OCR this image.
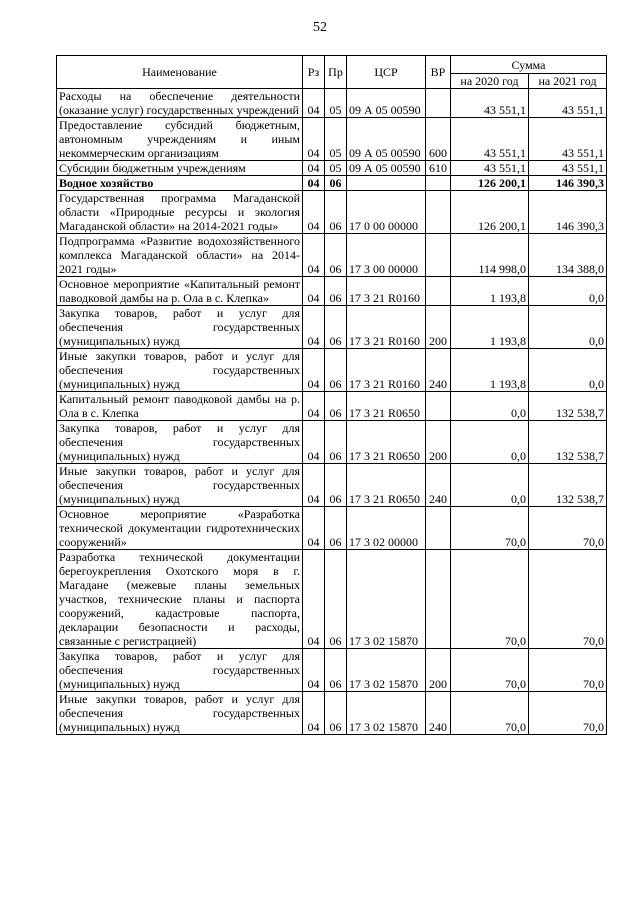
52
Наименование	Рз	Пр	ЦСР	ВР	Сумма	
					на 2020 год	на 2021 год
Расходы на обеспечение деятельности (оказание услуг) государственных учреждений	04	05	09 А 05 00590		43 551,1	43 551,1
Предоставление субсидий бюджетным, автономным учреждениям и иным некоммерческим организациям	04	05	09 А 05 00590	600	43 551,1	43 551,1
Субсидии бюджетным учреждениям	04	05	09 А 05 00590	610	43 551,1	43 551,1
Водное хозяйство	04	06			126 200,1	146 390,3
Государственная программа Магаданской области «Природные ресурсы и экология Магаданской области» на 2014-2021 годы»	04	06	17 0 00 00000		126 200,1	146 390,3
Подпрограмма «Развитие водохозяйственного комплекса Магаданской области» на 2014-2021 годы»	04	06	17 3 00 00000		114 998,0	134 388,0
Основное мероприятие «Капитальный ремонт паводковой дамбы на р. Ола в с. Клепка»	04	06	17 3 21 R0160		1 193,8	0,0
Закупка товаров, работ и услуг для обеспечения государственных (муниципальных) нужд	04	06	17 3 21 R0160	200	1 193,8	0,0
Иные закупки товаров, работ и услуг для обеспечения государственных (муниципальных) нужд	04	06	17 3 21 R0160	240	1 193,8	0,0
Капитальный ремонт паводковой дамбы на р. Ола в с. Клепка	04	06	17 3 21 R0650		0,0	132 538,7
Закупка товаров, работ и услуг для обеспечения государственных (муниципальных) нужд	04	06	17 3 21 R0650	200	0,0	132 538,7
Иные закупки товаров, работ и услуг для обеспечения государственных (муниципальных) нужд	04	06	17 3 21 R0650	240	0,0	132 538,7
Основное мероприятие «Разработка технической документации гидротехнических сооружений»	04	06	17 3 02 00000		70,0	70,0
Разработка технической документации берегоукрепления Охотского моря в г. Магадане (межевые планы земельных участков, технические планы и паспорта сооружений, кадастровые паспорта, декларации безопасности и расходы, связанные с регистрацией)	04	06	17 3 02 15870		70,0	70,0
Закупка товаров, работ и услуг для обеспечения государственных (муниципальных) нужд	04	06	17 3 02 15870	200	70,0	70,0
Иные закупки товаров, работ и услуг для обеспечения государственных (муниципальных) нужд	04	06	17 3 02 15870	240	70,0	70,0
